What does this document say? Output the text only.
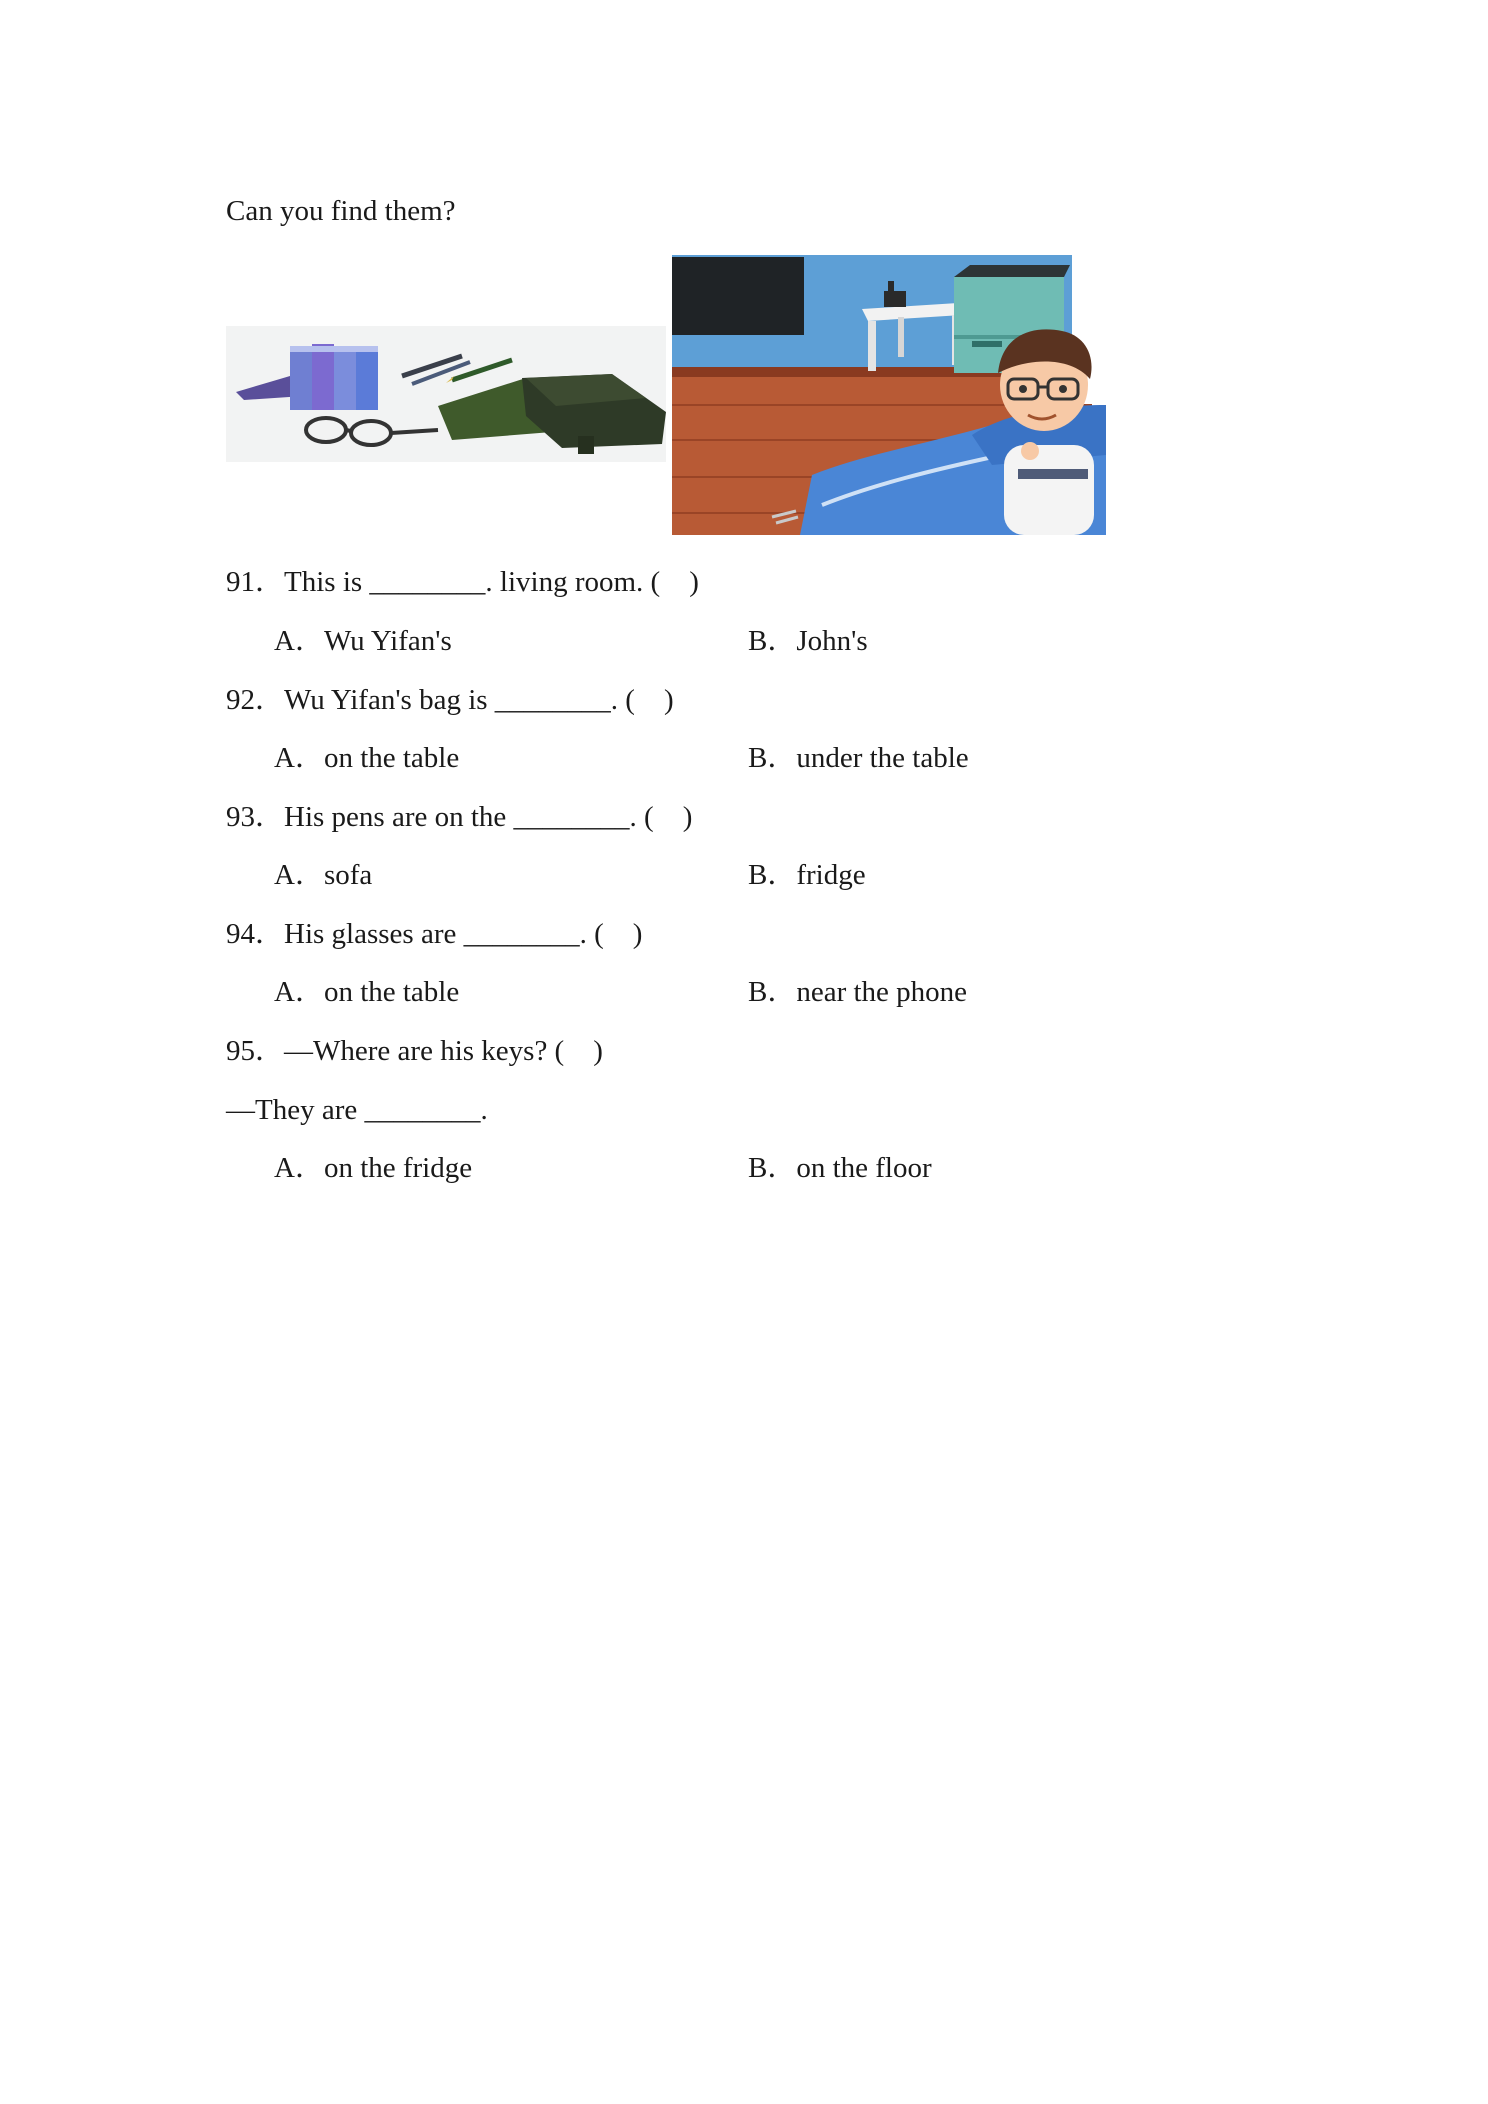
Can you find them?
91．This is ________. living room. (    )
A．Wu Yifan's	B．John's
92．Wu Yifan's bag is ________. (    )
A．on the table	B．under the table
93．His pens are on the ________. (    )
A．sofa	B．fridge
94．His glasses are ________. (    )
A．on the table	B．near the phone
95．—Where are his keys? (    )
—They are ________.
A．on the fridge	B．on the floor
